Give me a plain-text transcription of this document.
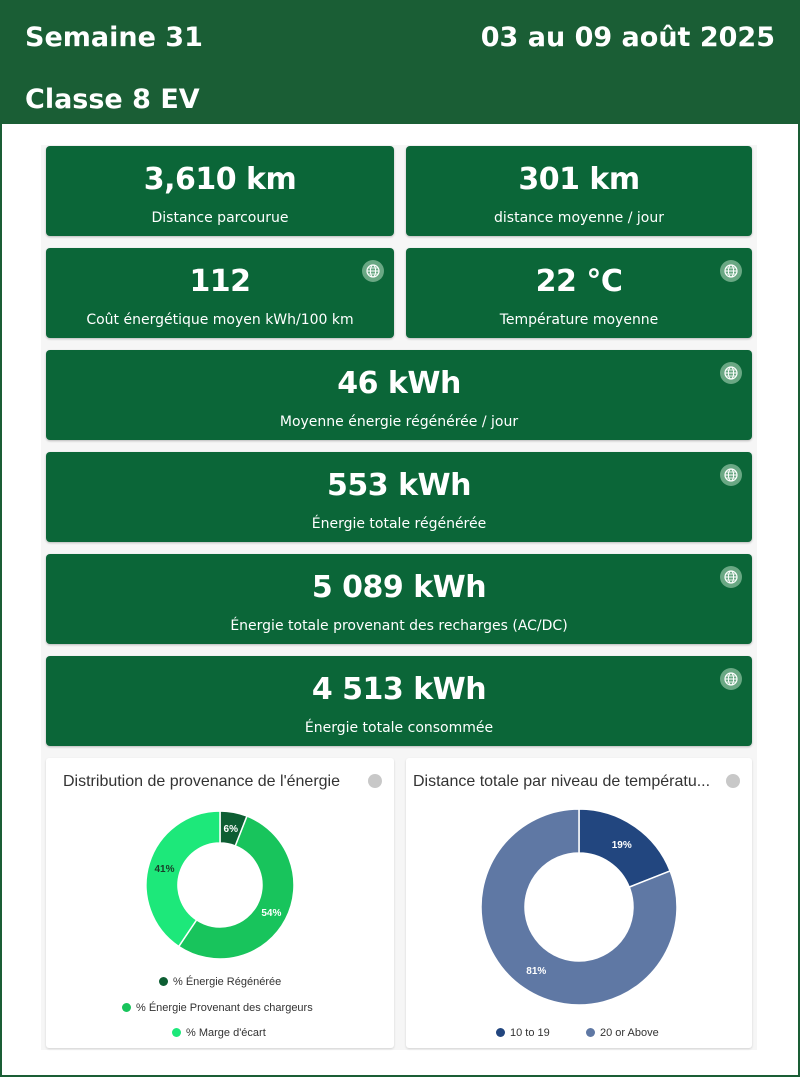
Semaine 31	03 au 09 août 2025
Classe 8 EV
3,610 km
Distance parcourue
301 km
distance moyenne / jour
112
Coût énergétique moyen kWh/100 km
22 °C
Température moyenne
46 kWh
Moyenne énergie régénérée / jour
553 kWh
Énergie totale régénérée
5 089 kWh
Énergie totale provenant des recharges (AC/DC)
4 513 kWh
Énergie totale consommée
Distribution de provenance de l'énergie
6%
54%
41%
% Énergie Régénérée
% Énergie Provenant des chargeurs
% Marge d'écart
Distance totale par niveau de températu...
19%
81%
10 to 19	20 or Above
